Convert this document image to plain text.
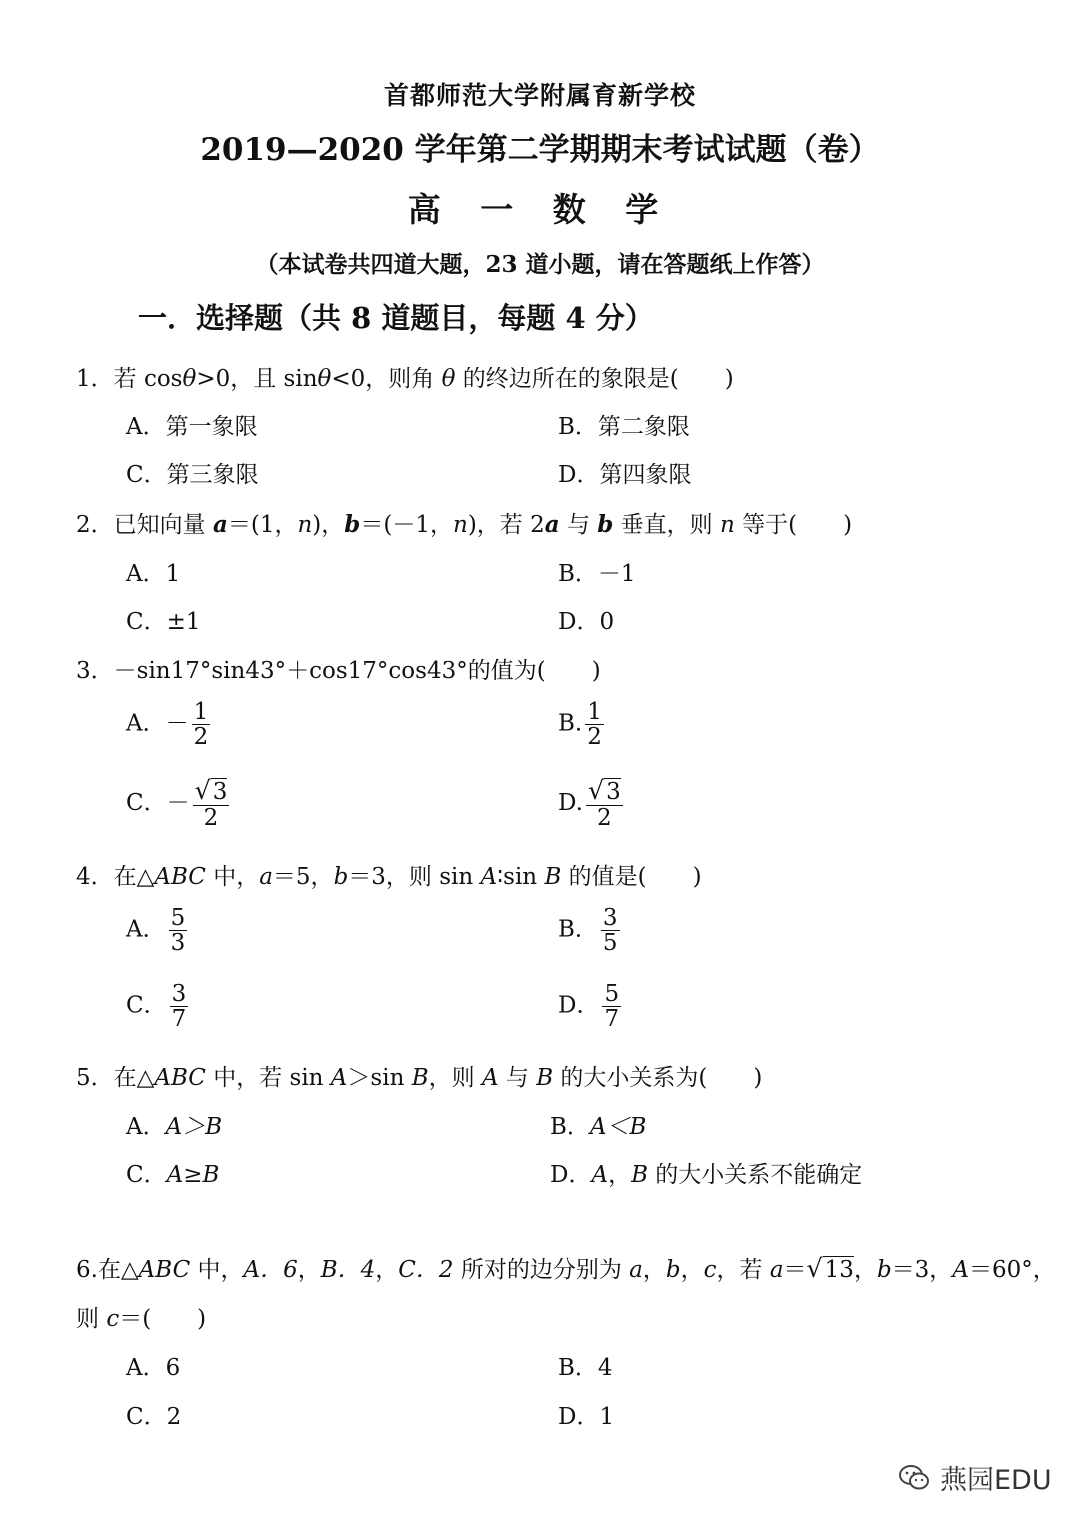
首都师范大学附属育新学校
2019—2020 学年第二学期期末考试试题（卷）
高 一 数 学
（本试卷共四道大题，23 道小题，请在答题纸上作答）
一．选择题（共 8 道题目，每题 4 分）
1．若 cosθ>0，且 sinθ<0，则角 θ 的终边所在的象限是(　　)
A．第一象限	B．第二象限
C．第三象限	D．第四象限
2．已知向量 a＝(1，n)，b＝(－1，n)，若 2a 与 b 垂直，则 n 等于(　　)
A．1	B．－1
C．±1	D．0
3．－sin17°sin43°＋cos17°cos43°的值为(　　)
A．－ $\frac{1}{2}$	B. $\frac{1}{2}$
C．－ $\frac{√3}{2}$	D. $\frac{√3}{2}$
4．在△ABC 中，a＝5，b＝3，则 sin A∶sin B 的值是(　　)
A． $\frac{5}{3}$	B． $\frac{3}{5}$
C． $\frac{3}{7}$	D． $\frac{5}{7}$
5．在△ABC 中，若 sin A＞sin B，则 A 与 B 的大小关系为(　　)
A．A＞B	B．A＜B
C．A≥B	D．A，B 的大小关系不能确定
6.在△ABC 中，A．6，B．4，C．2 所对的边分别为 a，b，c，若 a＝√13，b＝3，A＝60°，
则 c＝(　　)
A．6	B．4
C．2	D．1
燕园EDU
